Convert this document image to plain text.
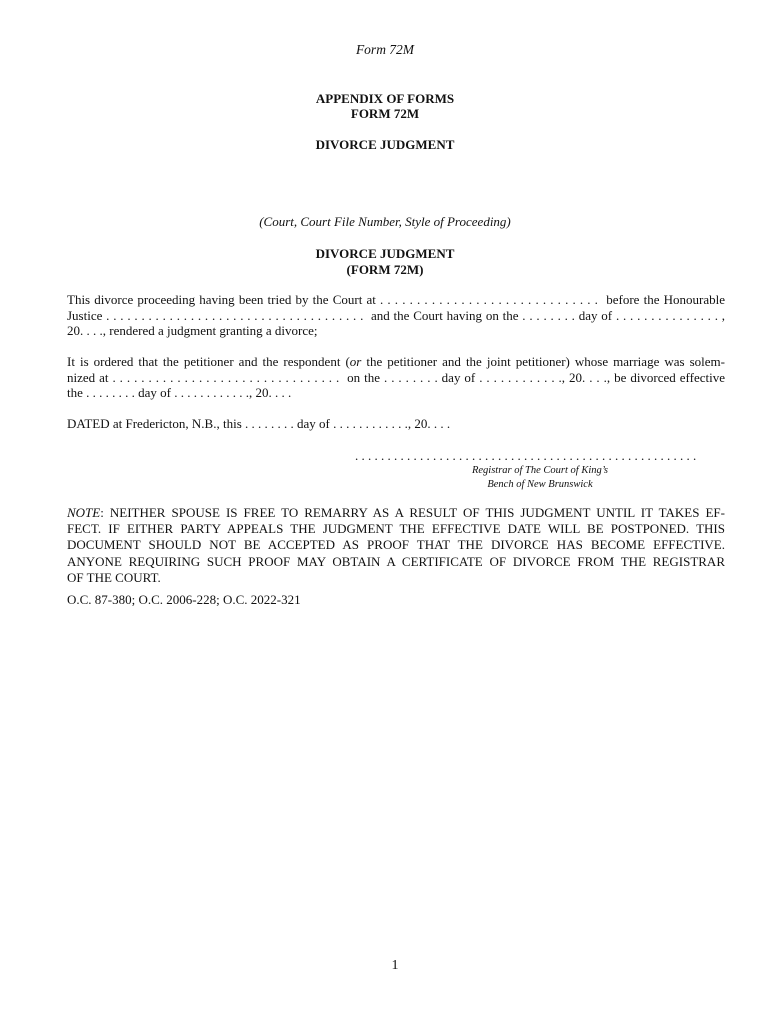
Form 72M
APPENDIX OF FORMS
FORM 72M
DIVORCE JUDGMENT
(Court, Court File Number, Style of Proceeding)
DIVORCE JUDGMENT
(FORM 72M)

This divorce proceeding having been tried by the Court at . . . . . . . . . . . . . . . . . . . . . . . . . . . . . .  before the Honourable

Justice . . . . . . . . . . . . . . . . . . . . . . . . . . . . . . . . . . . . .  and the Court having on the . . . . . . . . day of . . . . . . . . . . . . . . . ,

20. . . ., rendered a judgment granting a divorce;

It is ordered that the petitioner and the respondent (or the petitioner and the joint petitioner) whose marriage was solem-

nized at . . . . . . . . . . . . . . . . . . . . . . . . . . . . . . . .  on the . . . . . . . . day of . . . . . . . . . . . ., 20. . . ., be divorced effective

the . . . . . . . . day of . . . . . . . . . . . ., 20. . . .

DATED at Fredericton, N.B., this . . . . . . . . day of . . . . . . . . . . . ., 20. . . .

. . . . . . . . . . . . . . . . . . . . . . . . . . . . . . . . . . . . . . . . . . . . . . . . . . . . .
Registrar of The Court of King’s
Bench of New Brunswick

NOTE: NEITHER SPOUSE IS FREE TO REMARRY AS A RESULT OF THIS JUDGMENT UNTIL IT TAKES EF-

FECT. IF EITHER PARTY APPEALS THE JUDGMENT THE EFFECTIVE DATE WILL BE POSTPONED. THIS

DOCUMENT SHOULD NOT BE ACCEPTED AS PROOF THAT THE DIVORCE HAS BECOME EFFECTIVE.

ANYONE REQUIRING SUCH PROOF MAY OBTAIN A CERTIFICATE OF DIVORCE FROM THE REGISTRAR

OF THE COURT.

O.C. 87-380; O.C. 2006-228; O.C. 2022-321
1
